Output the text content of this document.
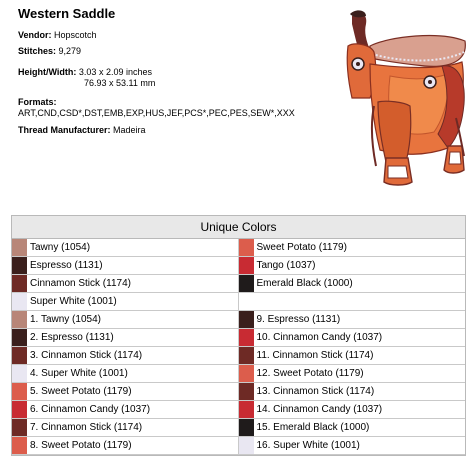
Western Saddle
Vendor: Hopscotch
Stitches: 9,279
Height/Width: 3.03 x 2.09 inches
76.93 x 53.11 mm
Formats:
ART,CND,CSD*,DST,EMB,EXP,HUS,JEF,PCS*,PEC,PES,SEW*,XXX
Thread Manufacturer: Madeira
Unique Colors
Tawny (1054)	Sweet Potato (1179)
Espresso (1131)	Tango (1037)
Cinnamon Stick (1174)	Emerald Black (1000)
Super White (1001)
1. Tawny (1054)	9. Espresso (1131)
2. Espresso (1131)	10. Cinnamon Candy (1037)
3. Cinnamon Stick (1174)	11. Cinnamon Stick (1174)
4. Super White (1001)	12. Sweet Potato (1179)
5. Sweet Potato (1179)	13. Cinnamon Stick (1174)
6. Cinnamon Candy (1037)	14. Cinnamon Candy (1037)
7. Cinnamon Stick (1174)	15. Emerald Black (1000)
8. Sweet Potato (1179)	16. Super White (1001)
